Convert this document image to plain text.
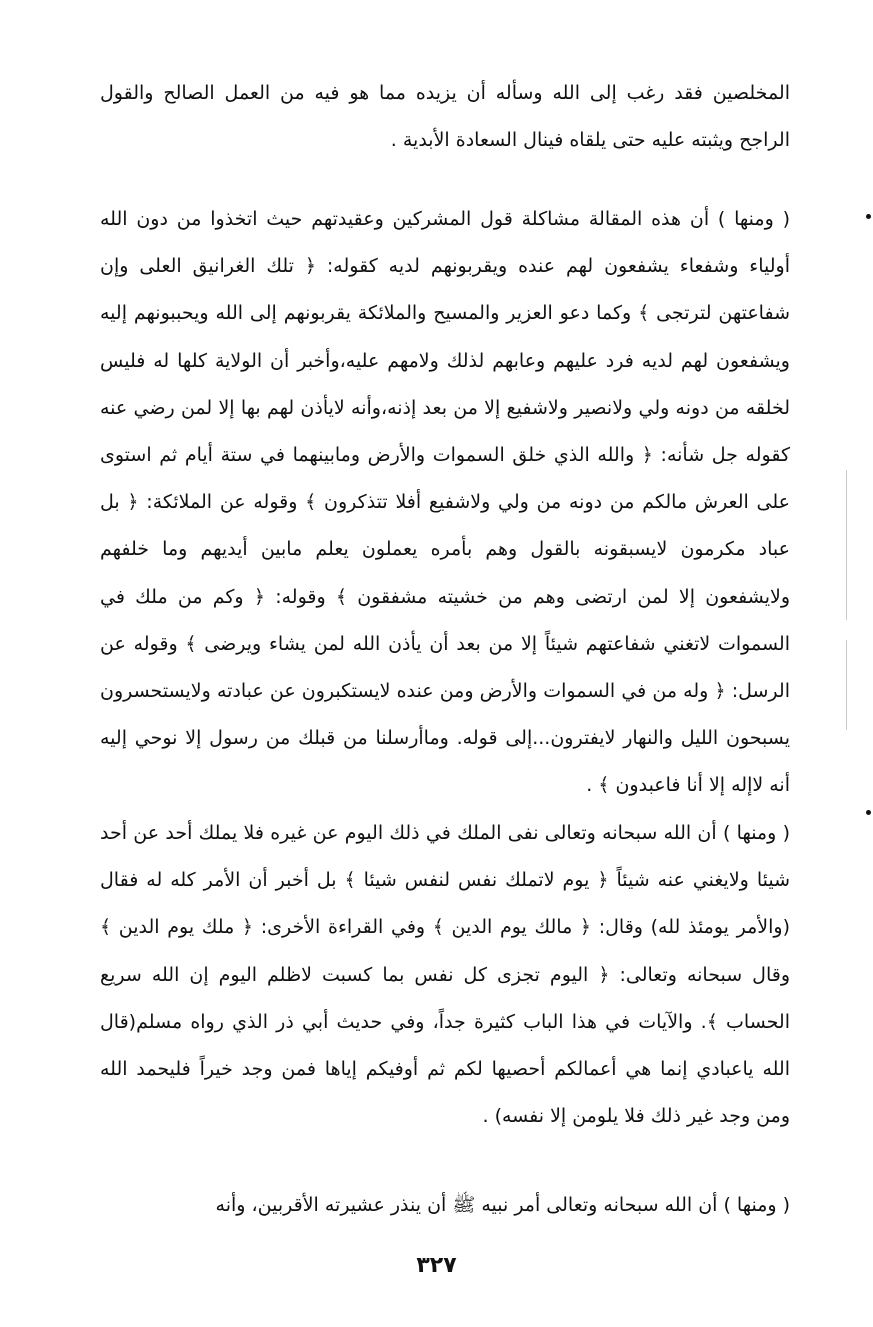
المخلصين فقد رغب إلى الله وسأله أن يزيده مما هو فيه من العمل الصالح والقول الراجح ويثبته عليه حتى يلقاه فينال السعادة الأبدية .

( ومنها ) أن هذه المقالة مشاكلة قول المشركين وعقيدتهم حيث اتخذوا من دون الله أولياء وشفعاء يشفعون لهم عنده ويقربونهم لديه كقوله: ﴿ تلك الغرانيق العلى وإن شفاعتهن لترتجى ﴾ وكما دعو العزير والمسيح والملائكة يقربونهم إلى الله ويحببونهم إليه ويشفعون لهم لديه فرد عليهم وعابهم لذلك ولامهم عليه،وأخبر أن الولاية كلها له فليس لخلقه من دونه ولي ولانصير ولاشفيع إلا من بعد إذنه،وأنه لايأذن لهم بها إلا لمن رضي عنه كقوله جل شأنه: ﴿ والله الذي خلق السموات والأرض ومابينهما في ستة أيام ثم استوى على العرش مالكم من دونه من ولي ولاشفيع أفلا تتذكرون ﴾ وقوله عن الملائكة: ﴿ بل عباد مكرمون لايسبقونه بالقول وهم بأمره يعملون يعلم مابين أيديهم وما خلفهم ولايشفعون إلا لمن ارتضى وهم من خشيته مشفقون ﴾ وقوله: ﴿ وكم من ملك في السموات لاتغني شفاعتهم شيئاً إلا من بعد أن يأذن الله لمن يشاء ويرضى ﴾ وقوله عن الرسل: ﴿ وله من في السموات والأرض ومن عنده لايستكبرون عن عبادته ولايستحسرون يسبحون الليل والنهار لايفترون...إلى قوله. وماأرسلنا من قبلك من رسول إلا نوحي إليه أنه لاإله إلا أنا فاعبدون ﴾ .

( ومنها ) أن الله سبحانه وتعالى نفى الملك في ذلك اليوم عن غيره فلا يملك أحد عن أحد شيئا ولايغني عنه شيئاً ﴿ يوم لاتملك نفس لنفس شيئا ﴾ بل أخبر أن الأمر كله له فقال (والأمر يومئذ لله) وقال: ﴿ مالك يوم الدين ﴾ وفي القراءة الأخرى: ﴿ ملك يوم الدين ﴾ وقال سبحانه وتعالى: ﴿ اليوم تجزى كل نفس بما كسبت لاظلم اليوم إن الله سريع الحساب ﴾. والآيات في هذا الباب كثيرة جداً، وفي حديث أبي ذر الذي رواه مسلم(قال الله ياعبادي إنما هي أعمالكم أحصيها لكم ثم أوفيكم إياها فمن وجد خيراً فليحمد الله ومن وجد غير ذلك فلا يلومن إلا نفسه) .

( ومنها ) أن الله سبحانه وتعالى أمر نبيه ﷺ أن ينذر عشيرته الأقربين، وأنه

٣٢٧
